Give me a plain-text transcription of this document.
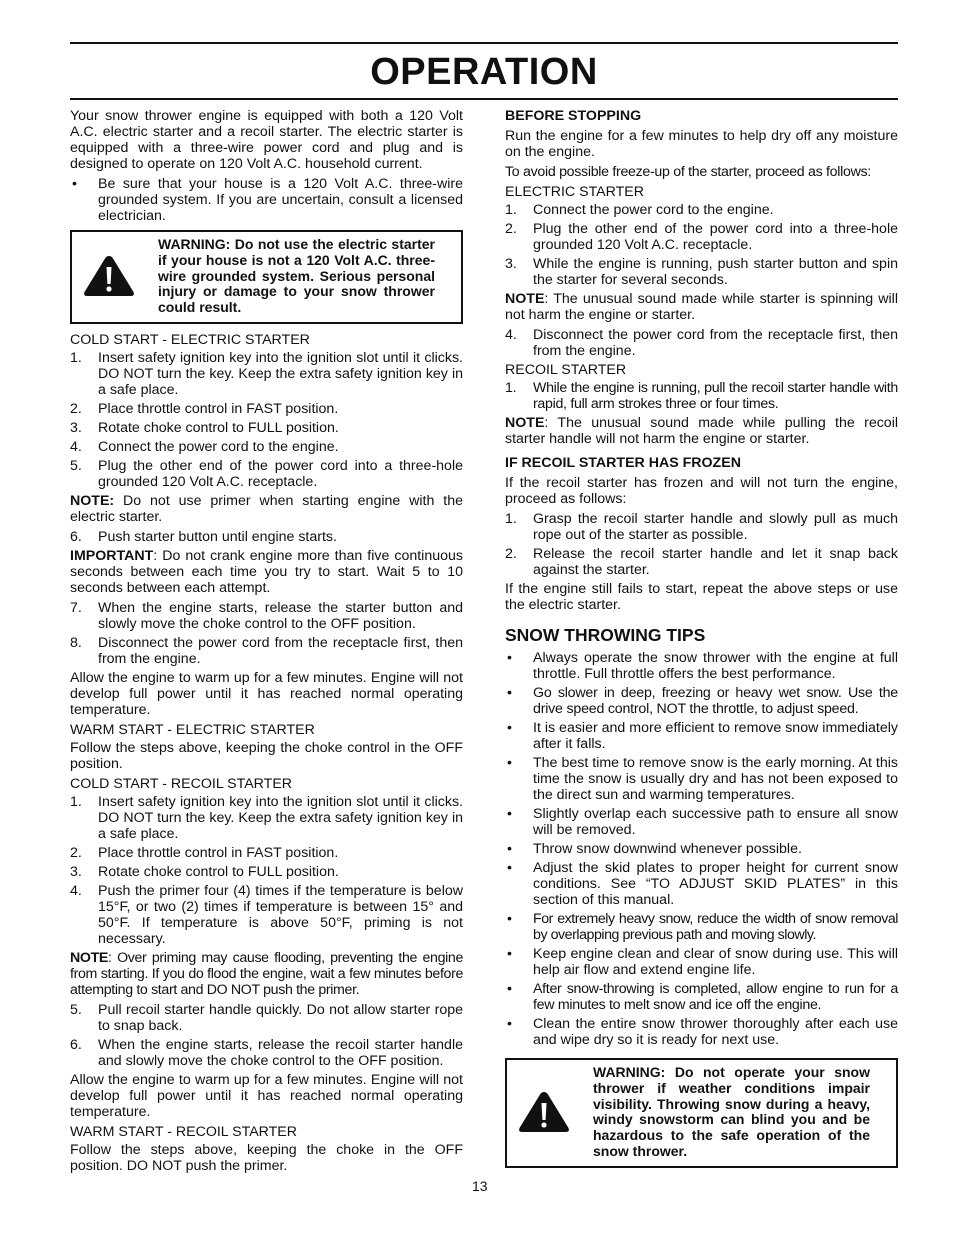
OPERATION

Your snow thrower engine is equipped with both a 120 Volt A.C. electric starter and a recoil starter. The electric starter is equipped with a three-wire power cord and plug and is designed to operate on 120 Volt A.C. household current.

• Be sure that your house is a 120 Volt A.C. three-wire grounded system. If you are uncertain, consult a licensed electrician.
WARNING: Do not use the electric starter if your house is not a 120 Volt A.C. three-wire grounded system. Serious personal injury or damage to your snow thrower could result.
COLD START - ELECTRIC STARTER
1. Insert safety ignition key into the ignition slot until it clicks. DO NOT turn the key. Keep the extra safety ignition key in a safe place.
2. Place throttle control in FAST position.
3. Rotate choke control to FULL position.
4. Connect the power cord to the engine.
5. Plug the other end of the power cord into a three-hole grounded 120 Volt A.C. receptacle.

NOTE: Do not use primer when starting engine with the electric starter.

6. Push starter button until engine starts.

IMPORTANT: Do not crank engine more than five continuous seconds between each time you try to start. Wait 5 to 10 seconds between each attempt.

7. When the engine starts, release the starter button and slowly move the choke control to the OFF position.
8. Disconnect the power cord from the receptacle first, then from the engine.

Allow the engine to warm up for a few minutes. Engine will not develop full power until it has reached normal operating temperature.

WARM START - ELECTRIC STARTER

Follow the steps above, keeping the choke control in the OFF position.

COLD START - RECOIL STARTER
1. Insert safety ignition key into the ignition slot until it clicks. DO NOT turn the key. Keep the extra safety ignition key in a safe place.
2. Place throttle control in FAST position.
3. Rotate choke control to FULL position.
4. Push the primer four (4) times if the temperature is below 15°F, or two (2) times if temperature is between 15° and 50°F. If temperature is above 50°F, priming is not necessary.

NOTE: Over priming may cause flooding, preventing the engine from starting. If you do flood the engine, wait a few minutes before attempting to start and DO NOT push the primer.

5. Pull recoil starter handle quickly. Do not allow starter rope to snap back.
6. When the engine starts, release the recoil starter handle and slowly move the choke control to the OFF position.

Allow the engine to warm up for a few minutes. Engine will not develop full power until it has reached normal operating temperature.

WARM START - RECOIL STARTER

Follow the steps above, keeping the choke in the OFF position. DO NOT push the primer.

BEFORE STOPPING

Run the engine for a few minutes to help dry off any moisture on the engine.

To avoid possible freeze-up of the starter, proceed as follows:

ELECTRIC STARTER
1. Connect the power cord to the engine.
2. Plug the other end of the power cord into a three-hole grounded 120 Volt A.C. receptacle.
3. While the engine is running, push starter button and spin the starter for several seconds.

NOTE: The unusual sound made while starter is spinning will not harm the engine or starter.

4. Disconnect the power cord from the receptacle first, then from the engine.
RECOIL STARTER
1. While the engine is running, pull the recoil starter handle with rapid, full arm strokes three or four times.

NOTE: The unusual sound made while pulling the recoil starter handle will not harm the engine or starter.

IF RECOIL STARTER HAS FROZEN

If the recoil starter has frozen and will not turn the engine, proceed as follows:

1. Grasp the recoil starter handle and slowly pull as much rope out of the starter as possible.
2. Release the recoil starter handle and let it snap back against the starter.

If the engine still fails to start, repeat the above steps or use the electric starter.

SNOW THROWING TIPS
• Always operate the snow thrower with the engine at full throttle. Full throttle offers the best performance.
• Go slower in deep, freezing or heavy wet snow. Use the drive speed control, NOT the throttle, to adjust speed.
• It is easier and more efficient to remove snow immediately after it falls.
• The best time to remove snow is the early morning. At this time the snow is usually dry and has not been exposed to the direct sun and warming temperatures.
• Slightly overlap each successive path to ensure all snow will be removed.
• Throw snow downwind whenever possible.
• Adjust the skid plates to proper height for current snow conditions. See “TO ADJUST SKID PLATES” in this section of this manual.
• For extremely heavy snow, reduce the width of snow removal by overlapping previous path and moving slowly.
• Keep engine clean and clear of snow during use. This will help air flow and extend engine life.
• After snow-throwing is completed, allow engine to run for a few minutes to melt snow and ice off the engine.
• Clean the entire snow thrower thoroughly after each use and wipe dry so it is ready for next use.
WARNING: Do not operate your snow thrower if weather conditions impair visibility. Throwing snow during a heavy, windy snowstorm can blind you and be hazardous to the safe operation of the snow thrower.
13
